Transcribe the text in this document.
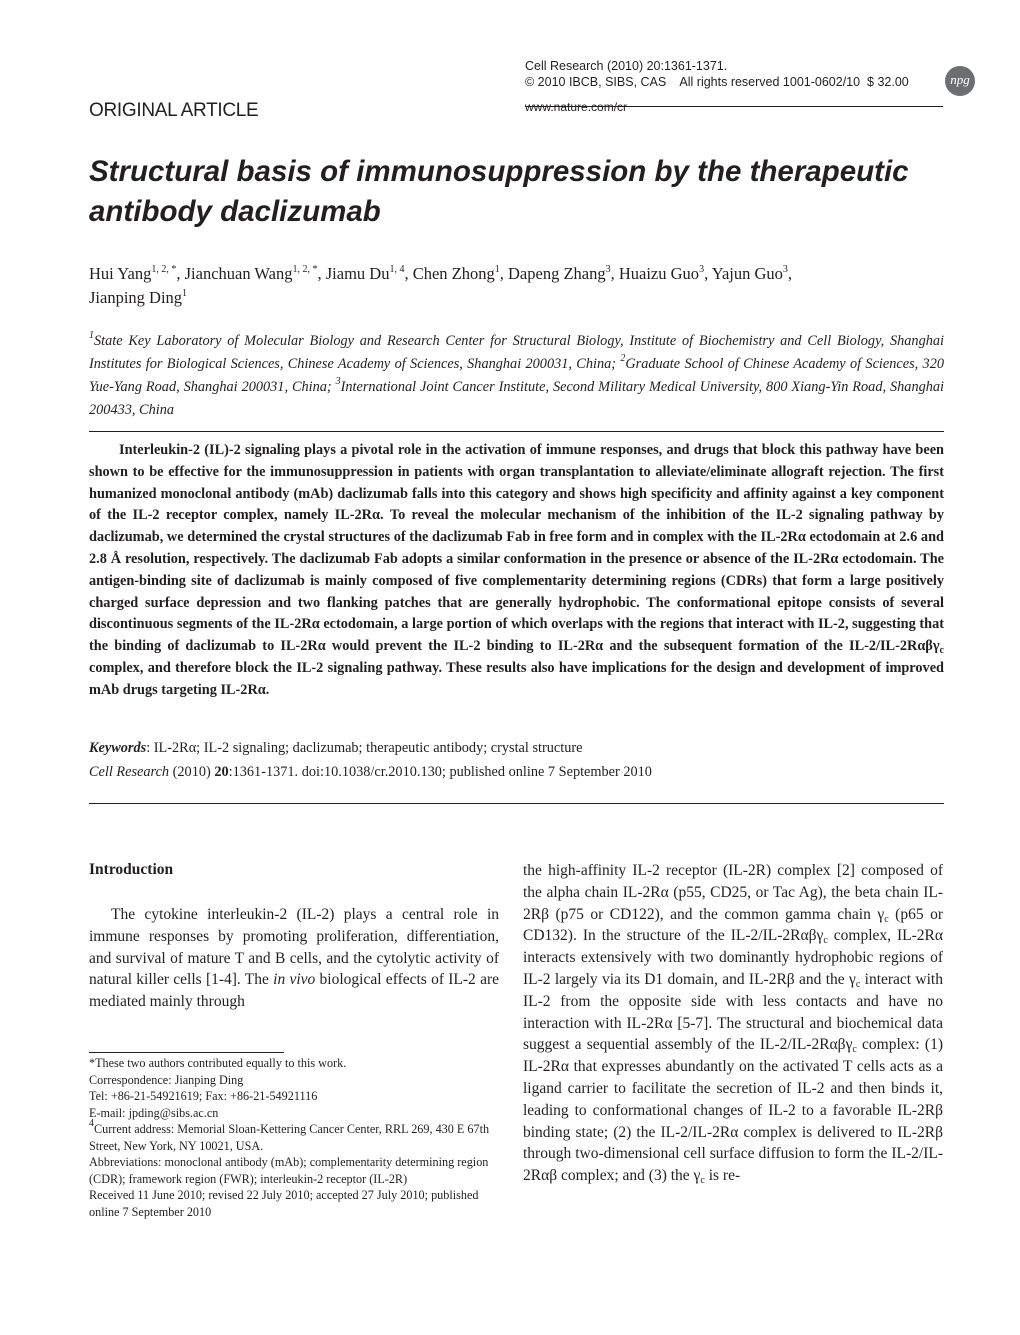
Cell Research (2010) 20:1361-1371.
© 2010 IBCB, SIBS, CAS    All rights reserved 1001-0602/10  $ 32.00
www.nature.com/cr
npg
ORIGINAL ARTICLE
Structural basis of immunosuppression by the therapeutic antibody daclizumab
Hui Yang$^{1, 2, *}$, Jianchuan Wang$^{1, 2, *}$, Jiamu Du$^{1, 4}$, Chen Zhong$^1$, Dapeng Zhang$^3$, Huaizu Guo$^3$, Yajun Guo$^3$,
Jianping Ding$^1$
$^1$State Key Laboratory of Molecular Biology and Research Center for Structural Biology, Institute of Biochemistry and Cell Biology, Shanghai Institutes for Biological Sciences, Chinese Academy of Sciences, Shanghai 200031, China; $^2$Graduate School of Chinese Academy of Sciences, 320 Yue-Yang Road, Shanghai 200031, China; $^3$International Joint Cancer Institute, Second Military Medical University, 800 Xiang-Yin Road, Shanghai 200433, China

Interleukin-2 (IL)-2 signaling plays a pivotal role in the activation of immune responses, and drugs that block this pathway have been shown to be effective for the immunosuppression in patients with organ transplantation to alleviate/eliminate allograft rejection. The first humanized monoclonal antibody (mAb) daclizumab falls into this category and shows high specificity and affinity against a key component of the IL-2 receptor complex, namely IL-2Rα. To reveal the molecular mechanism of the inhibition of the IL-2 signaling pathway by daclizumab, we determined the crystal structures of the daclizumab Fab in free form and in complex with the IL-2Rα ectodomain at 2.6 and 2.8 Å resolution, respectively. The daclizumab Fab adopts a similar conformation in the presence or absence of the IL-2Rα ectodomain. The antigen-binding site of daclizumab is mainly composed of five complementarity determining regions (CDRs) that form a large positively charged surface depression and two flanking patches that are generally hydrophobic. The conformational epitope consists of several discontinuous segments of the IL-2Rα ectodomain, a large portion of which overlaps with the regions that interact with IL-2, suggesting that the binding of daclizumab to IL-2Rα would prevent the IL-2 binding to IL-2Rα and the subsequent formation of the IL-2/IL-2Rαβγ$_c$ complex, and therefore block the IL-2 signaling pathway. These results also have implications for the design and development of improved mAb drugs targeting IL-2Rα.

Keywords: IL-2Rα; IL-2 signaling; daclizumab; therapeutic antibody; crystal structure
Cell Research (2010) 20:1361-1371. doi:10.1038/cr.2010.130; published online 7 September 2010
Introduction

The cytokine interleukin-2 (IL-2) plays a central role in immune responses by promoting proliferation, differentiation, and survival of mature T and B cells, and the cytolytic activity of natural killer cells [1-4]. The in vivo biological effects of IL-2 are mediated mainly through

*These two authors contributed equally to this work.
Correspondence: Jianping Ding
Tel: +86-21-54921619; Fax: +86-21-54921116
E-mail: jpding@sibs.ac.cn
$^4$Current address: Memorial Sloan-Kettering Cancer Center, RRL 269, 430 E 67th Street, New York, NY 10021, USA.
Abbreviations: monoclonal antibody (mAb); complementarity determining region (CDR); framework region (FWR); interleukin-2 receptor (IL-2R)
Received 11 June 2010; revised 22 July 2010; accepted 27 July 2010; published online 7 September 2010
the high-affinity IL-2 receptor (IL-2R) complex [2] composed of the alpha chain IL-2Rα (p55, CD25, or Tac Ag), the beta chain IL-2Rβ (p75 or CD122), and the common gamma chain $\gamma_c$ (p65 or CD132). In the structure of the IL-2/IL-2Rαβγ$_c$ complex, IL-2Rα interacts extensively with two dominantly hydrophobic regions of IL-2 largely via its D1 domain, and IL-2Rβ and the $\gamma_c$ interact with IL-2 from the opposite side with less contacts and have no interaction with IL-2Rα [5-7]. The structural and biochemical data suggest a sequential assembly of the IL-2/IL-2Rαβγ$_c$ complex: (1) IL-2Rα that expresses abundantly on the activated T cells acts as a ligand carrier to facilitate the secretion of IL-2 and then binds it, leading to conformational changes of IL-2 to a favorable IL-2Rβ binding state; (2) the IL-2/IL-2Rα complex is delivered to IL-2Rβ through two-dimensional cell surface diffusion to form the IL-2/IL-2Rαβ complex; and (3) the $\gamma_c$ is re-
